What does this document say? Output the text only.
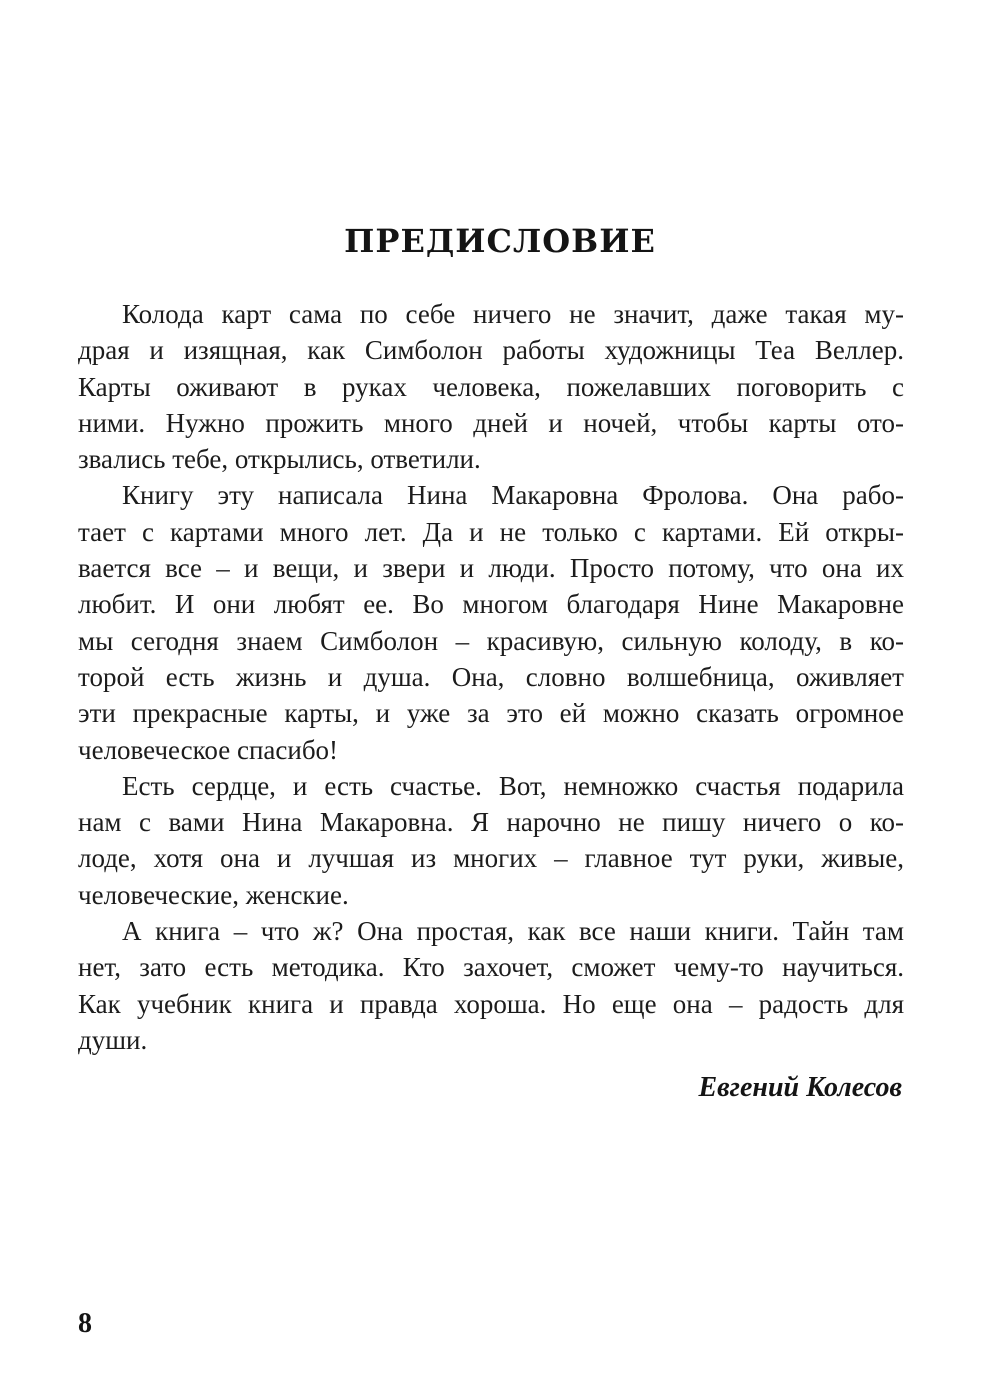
ПРЕДИСЛОВИЕ
Колода карт сама по себе ничего не значит, даже такая му-
драя и изящная, как Симболон работы художницы Теа Веллер.
Карты оживают в руках человека, пожелавших поговорить с
ними. Нужно прожить много дней и ночей, чтобы карты ото-
звались тебе, открылись, ответили.
Книгу эту написала Нина Макаровна Фролова. Она рабо-
тает с картами много лет. Да и не только с картами. Ей откры-
вается все – и вещи, и звери и люди. Просто потому, что она их
любит. И они любят ее. Во многом благодаря Нине Макаровне
мы сегодня знаем Симболон – красивую, сильную колоду, в ко-
торой есть жизнь и душа. Она, словно волшебница, оживляет
эти прекрасные карты, и уже за это ей можно сказать огромное
человеческое спасибо!
Есть сердце, и есть счастье. Вот, немножко счастья подарила
нам с вами Нина Макаровна. Я нарочно не пишу ничего о ко-
лоде, хотя она и лучшая из многих – главное тут руки, живые,
человеческие, женские.
А книга – что ж? Она простая, как все наши книги. Тайн там
нет, зато есть методика. Кто захочет, сможет чему-то научиться.
Как учебник книга и правда хороша. Но еще она – радость для
души.
Евгений Колесов
8
